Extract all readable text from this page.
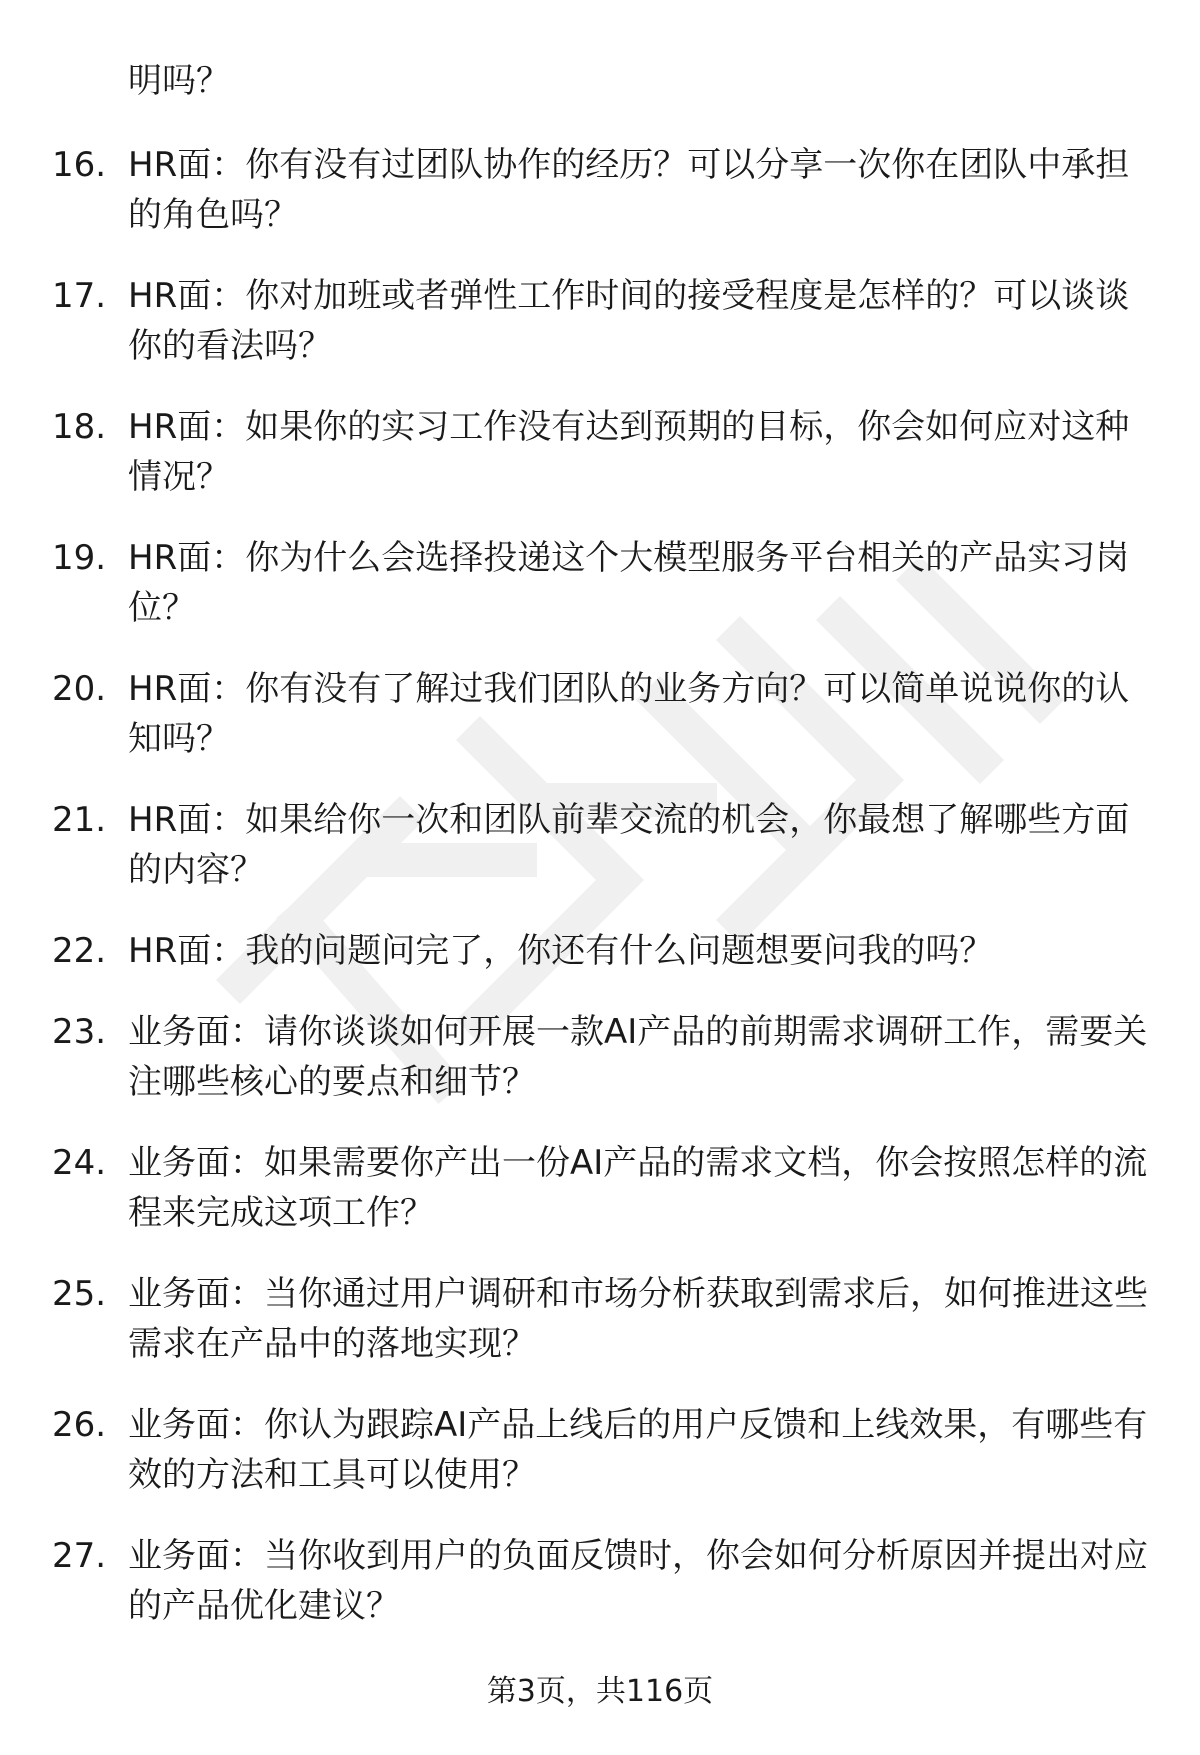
明吗？

16. HR面：你有没有过团队协作的经历？可以分享一次你在团队中承担的角色吗？

17. HR面：你对加班或者弹性工作时间的接受程度是怎样的？可以谈谈你的看法吗？

18. HR面：如果你的实习工作没有达到预期的目标，你会如何应对这种情况？

19. HR面：你为什么会选择投递这个大模型服务平台相关的产品实习岗位？

20. HR面：你有没有了解过我们团队的业务方向？可以简单说说你的认知吗？

21. HR面：如果给你一次和团队前辈交流的机会，你最想了解哪些方面的内容？

22. HR面：我的问题问完了，你还有什么问题想要问我的吗？

23. 业务面：请你谈谈如何开展一款AI产品的前期需求调研工作，需要关注哪些核心的要点和细节？

24. 业务面：如果需要你产出一份AI产品的需求文档，你会按照怎样的流程来完成这项工作？

25. 业务面：当你通过用户调研和市场分析获取到需求后，如何推进这些需求在产品中的落地实现？

26. 业务面：你认为跟踪AI产品上线后的用户反馈和上线效果，有哪些有效的方法和工具可以使用？

27. 业务面：当你收到用户的负面反馈时，你会如何分析原因并提出对应的产品优化建议？

第3页，共116页
